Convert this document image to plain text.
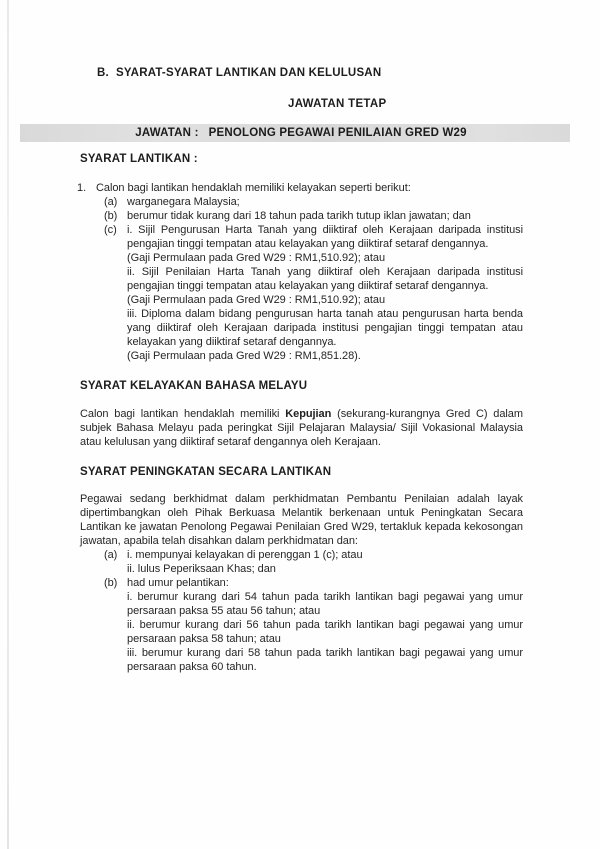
B. SYARAT-SYARAT LANTIKAN DAN KELULUSAN
JAWATAN TETAP
JAWATAN : PENOLONG PEGAWAI PENILAIAN GRED W29
SYARAT LANTIKAN :
1. Calon bagi lantikan hendaklah memiliki kelayakan seperti berikut:
(a) warganegara Malaysia;
(b) berumur tidak kurang dari 18 tahun pada tarikh tutup iklan jawatan; dan
(c) i. Sijil Pengurusan Harta Tanah yang diiktiraf oleh Kerajaan daripada institusi pengajian tinggi tempatan atau kelayakan yang diiktiraf setaraf dengannya.
(Gaji Permulaan pada Gred W29 : RM1,510.92); atau
ii. Sijil Penilaian Harta Tanah yang diiktiraf oleh Kerajaan daripada institusi pengajian tinggi tempatan atau kelayakan yang diiktiraf setaraf dengannya.
(Gaji Permulaan pada Gred W29 : RM1,510.92); atau
iii. Diploma dalam bidang pengurusan harta tanah atau pengurusan harta benda yang diiktiraf oleh Kerajaan daripada institusi pengajian tinggi tempatan atau kelayakan yang diiktiraf setaraf dengannya.
(Gaji Permulaan pada Gred W29 : RM1,851.28).
SYARAT KELAYAKAN BAHASA MELAYU

Calon bagi lantikan hendaklah memiliki Kepujian (sekurang-kurangnya Gred C) dalam subjek Bahasa Melayu pada peringkat Sijil Pelajaran Malaysia/ Sijil Vokasional Malaysia atau kelulusan yang diiktiraf setaraf dengannya oleh Kerajaan.

SYARAT PENINGKATAN SECARA LANTIKAN

Pegawai sedang berkhidmat dalam perkhidmatan Pembantu Penilaian adalah layak dipertimbangkan oleh Pihak Berkuasa Melantik berkenaan untuk Peningkatan Secara Lantikan ke jawatan Penolong Pegawai Penilaian Gred W29, tertakluk kepada kekosongan jawatan, apabila telah disahkan dalam perkhidmatan dan:

(a) i. mempunyai kelayakan di perenggan 1 (c); atau
ii. lulus Peperiksaan Khas; dan
(b) had umur pelantikan:

i. berumur kurang dari 54 tahun pada tarikh lantikan bagi pegawai yang umur persaraan paksa 55 atau 56 tahun; atau

ii. berumur kurang dari 56 tahun pada tarikh lantikan bagi pegawai yang umur persaraan paksa 58 tahun; atau

iii. berumur kurang dari 58 tahun pada tarikh lantikan bagi pegawai yang umur persaraan paksa 60 tahun.
